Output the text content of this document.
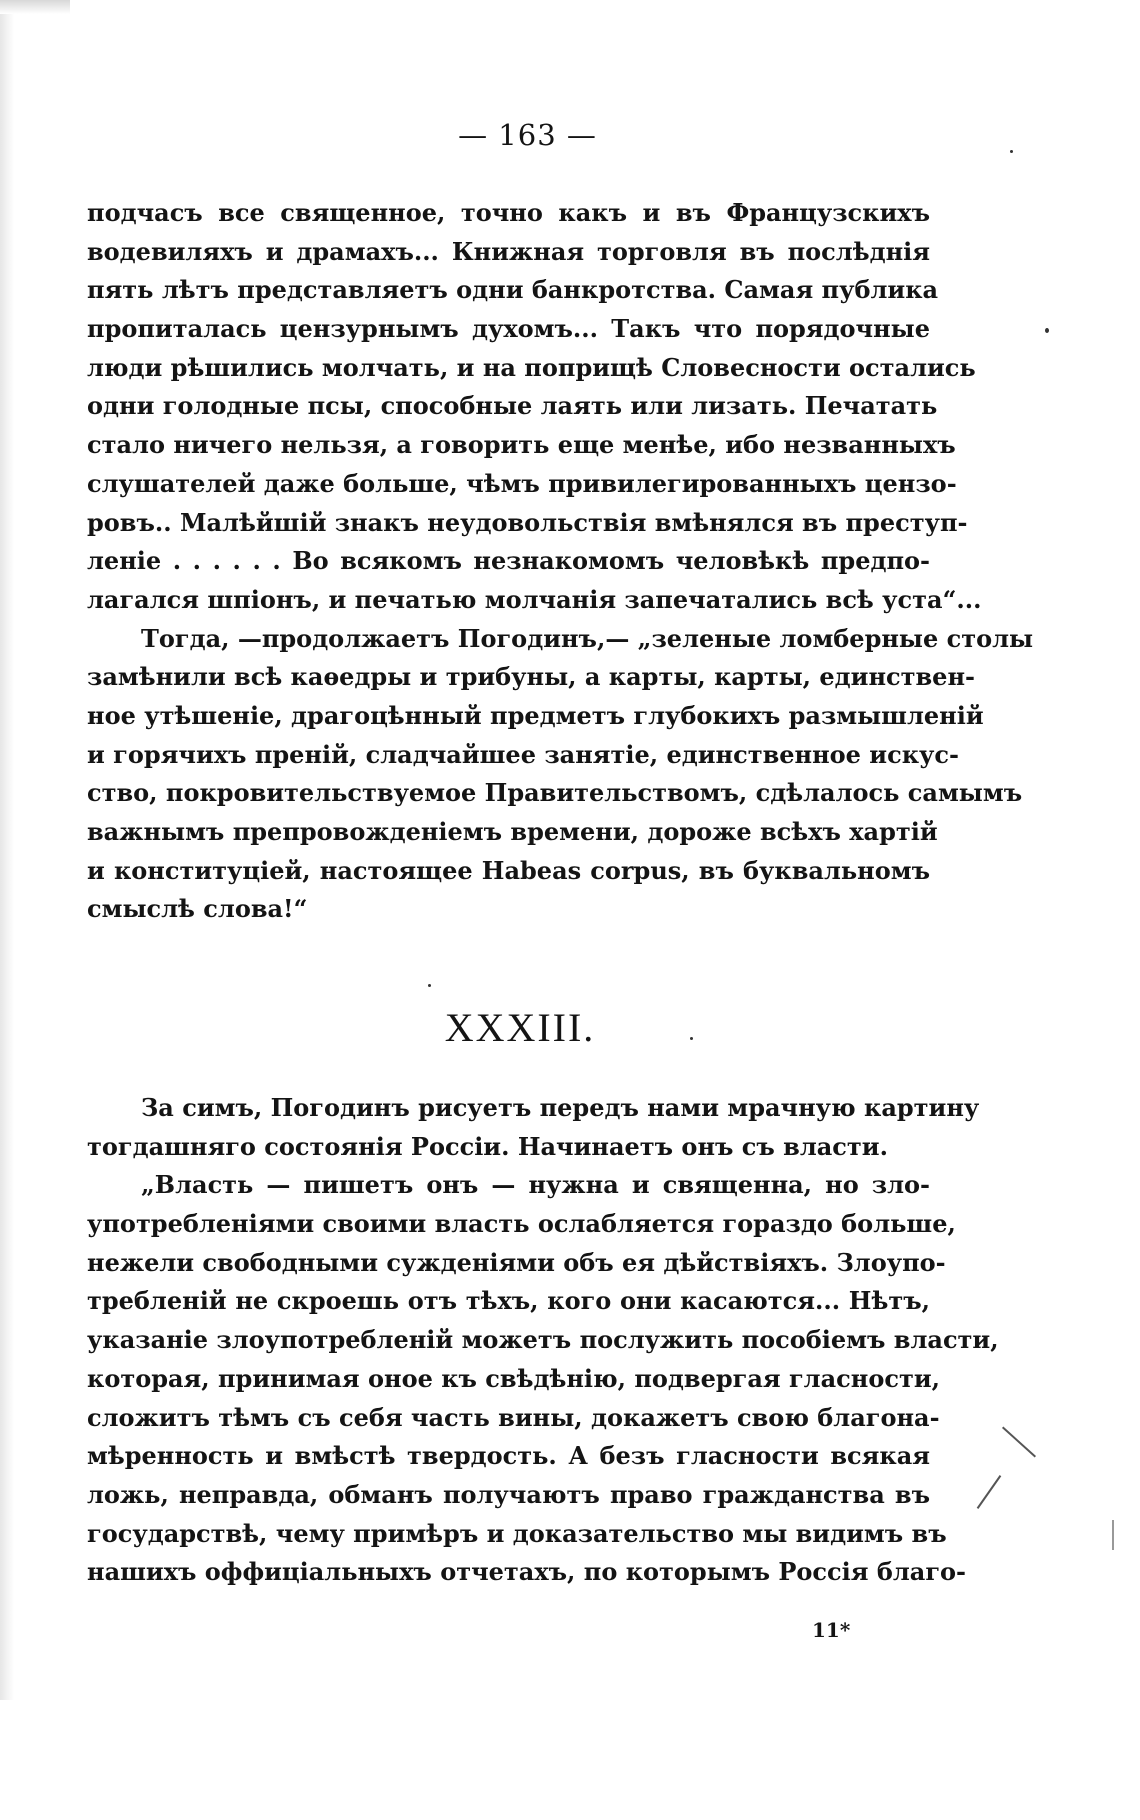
— 163 —
подчасъ все священное, точно какъ и въ Французскихъ
водевиляхъ и драмахъ... Книжная торговля въ послѣднія
пять лѣтъ представляетъ одни банкротства. Самая публика
пропиталась цензурнымъ духомъ... Такъ что порядочные
люди рѣшились молчать, и на поприщѣ Словесности остались
одни голодные псы, способные лаять или лизать. Печатать
стало ничего нельзя, а говорить еще менѣе, ибо незванныхъ
слушателей даже больше, чѣмъ привилегированныхъ цензо-
ровъ.. Малѣйшій знакъ неудовольствія вмѣнялся въ преступ-
леніе . . . . . . Во всякомъ незнакомомъ человѣкѣ предпо-
лагался шпіонъ, и печатью молчанія запечатались всѣ уста“...
Тогда, —продолжаетъ Погодинъ,— „зеленые ломберные столы
замѣнили всѣ каѳедры и трибуны, а карты, карты, единствен-
ное утѣшеніе, драгоцѣнный предметъ глубокихъ размышленій
и горячихъ преній, сладчайшее занятіе, единственное искус-
ство, покровительствуемое Правительствомъ, сдѣлалось самымъ
важнымъ препровожденіемъ времени, дороже всѣхъ хартій
и конституціей, настоящее Habeas corpus, въ буквальномъ
смыслѣ слова!“
XXXIII.
За симъ, Погодинъ рисуетъ передъ нами мрачную картину
тогдашняго состоянія Россіи. Начинаетъ онъ съ власти.
„Власть — пишетъ онъ — нужна и священна, но зло-
употребленіями своими власть ослабляется гораздо больше,
нежели свободными сужденіями объ ея дѣйствіяхъ. Злоупо-
треблeній не скроешь отъ тѣхъ, кого они касаются... Нѣтъ,
указаніе злоупотребленій можетъ послужить пособіемъ власти,
которая, принимая оное къ свѣдѣнію, подвергая гласности,
сложитъ тѣмъ съ себя часть вины, докажетъ свою благона-
мѣренность и вмѣстѣ твердость. А безъ гласности всякая
ложь, неправда, обманъ получаютъ право гражданства въ
государствѣ, чему примѣръ и доказательство мы видимъ въ
нашихъ оффиціальныхъ отчетахъ, по которымъ Россія благо-
11*
